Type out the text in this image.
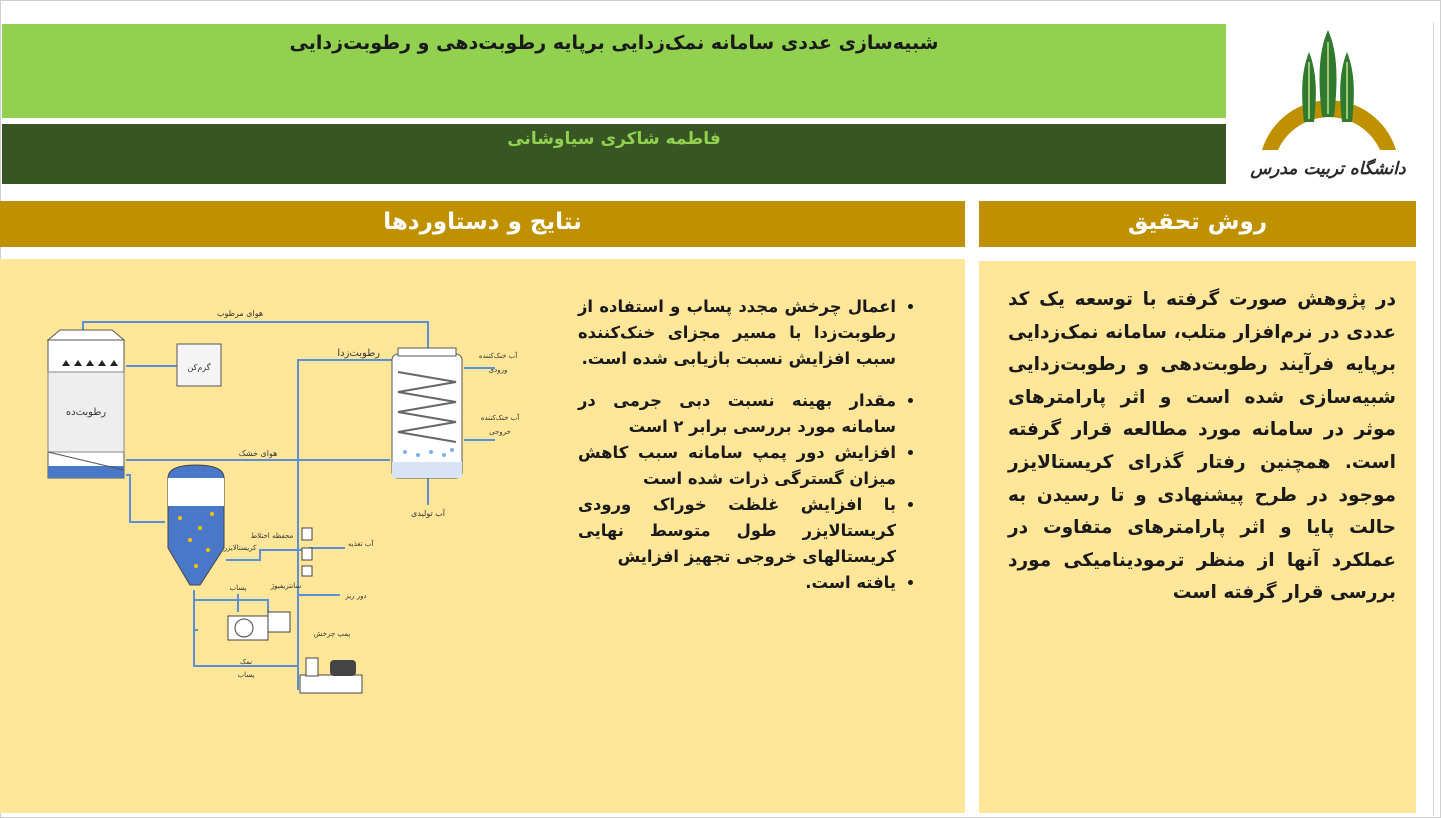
شبیه‌سازی عددی سامانه نمک‌زدایی برپایه رطوبت‌دهی و رطوبت‌زدایی
فاطمه شاکری سیاوشانی
دانشگاه تربیت مدرس
روش تحقیق
نتایج و دستاوردها
در پژوهش صورت گرفته با توسعه یک کد عددی در نرم‌افزار متلب، سامانه نمک‌زدایی برپایه فرآیند رطوبت‌دهی و رطوبت‌زدایی شبیه‌سازی شده است و اثر پارامترهای موثر در سامانه مورد مطالعه قرار گرفته است. همچنین رفتار گذرای کریستالایزر موجود در طرح پیشنهادی و تا رسیدن به حالت پایا و اثر پارامترهای متفاوت در عملکرد آنها از منظر ترمودینامیکی مورد بررسی قرار گرفته است
• اعمال چرخش مجدد پساب و استفاده از رطوبت‌زدا با مسیر مجزای خنک‌کننده سبب افزایش نسبت بازیابی شده است.
• مقدار بهینه نسبت دبی جرمی در سامانه مورد بررسی برابر ۲ است
• افزایش دور پمپ سامانه سبب کاهش میزان گسترگی ذرات شده است
• با افزایش غلظت خوراک ورودی کریستالایزر طول متوسط نهایی کریستالهای خروجی تجهیز افزایش
• یافته است.
رطوبت‌ده
گرم‌کن
هوای مرطوب
رطوبت‌زدا	آب خنک‌کننده
ورودی
آب خنک‌کننده
خروجی
هوای خشک
آب تولیدی
محفظه اختلاط
کریستالایزر	آب تغذیه
سانتریفیوژ
پساب
دور ریز
پمپ چرخش
نمک
پساب
